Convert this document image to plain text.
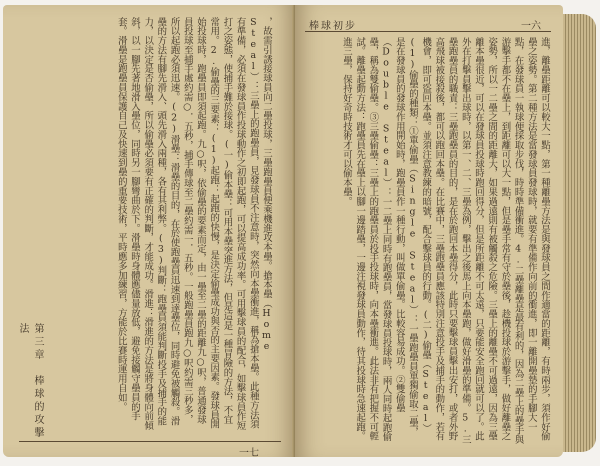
第三章　棒球的攻擊法	，故需引誘接球員向二壘投球，三壘跑壘員便乘機進攻本壘。搶本壘（Home Steal）：三壘上的跑壘員，見發球員不注意時，突然向本壘衝進，稱為搶本壘。此種方法須有準備，必須在發球員作投球動作之初即起跑，可以提高成功率。可用擊球員的配合，如擊球員作短打之姿態，使捕手難於接球。(一)偷本壘：可用本壘突進方法，但是這是一種冒險的方法，不宜常用。2.偷壘的三要素：(1)起跑：起跑的快慢，是決定偷壘成功與否的主要因素。發球員開始投球時，跑壘員即須起跑。九○呎，依偷壘的要素而定，由一壘至二壘的距離九○呎，普通發球員投球至捕手處約需○．五秒，捕手傳球至二壘約需一．五秒。一般跑壘員跑九○呎約需三秒多，所以起跑必須迅速。(2)滑壘：滑壘的目的，在於使跑壘員迅速到達壘位，同時避免被觸殺。滑壘的方法有腳先滑入、頭先滑入兩種，各有其利弊。(3)判斷：跑壘員須能判斷投手及捕手的能力，以決定是否偷壘，所以偷壘必須要有正確的判斷，才能成功。滑進：滑進的方法是將身體向前傾斜，以一腳先著地滑入壘位，同時另一腳彎曲於下。滑壘時身體應儘量放低，避免接觸守壘員的手套。滑壘是跑壘員保護自己及快速到壘的重要技術，平時應多加練習，方能於比賽時運用自如。
一七
棒球初步	一六
進，離壘距離可以較大一點，第一種離壘方法是與發球員之間作適當的距離，有時兩步，須作好偷壘之姿勢。第二種方法是當發球員發球時，就要有準備作向前的衝進，即一離開壘墊的手腳大一點，在發球員一執球便採取步伐，時時準備衝進。4.二壘離壘是最有利的，因為二壘上的壘手與游擊手都不在壘上，到距離可以大一點，但是壘手常有守於壘後，趁機投球於游擊手，做好離壘之姿勢，所以一二壘之間的距離大，如果過遠則有被觸殺之危險。三壘上的離壘不可過遠，因為三壘離本壘很近，可以在發球員投球時跑回得分，但是所距離不可太遠，只要能安全跑回就可以了。此外在打擊員擊出球時，以第一、二、三壘為例，擊出之後馬上向本壘跑，做好滑壘的準備。5.三壘跑壘員的職責：三壘跑壘員的目的，是在於跑回本壘得分，此時只要擊球員擊出安打，或者外野高飛球被接殺後，都可以跑回本壘。在比賽中，三壘跑壘員應該特別注意投手及捕手的動作，若有機會，即可盜回本壘。並須注意教練的暗號，配合擊球員的行動。(二)偷壘（Steal）(1)偷壘的種類：①單偷壘（Single Steal）：一壘跑壘員單獨偷取二壘，是在發球員的發球作用開始時，跑壘員作一種行動，叫做單偷壘。比較容易成功。②雙偷壘（Double Steal）：一二壘上同時有跑壘員，當發球員投球時，兩人同時起跑偷壘，稱為雙偷壘。③三壘偷壘：三壘上的跑壘員於投手投球時，向本壘衝進。此法非有把握不可輕試。離壘起動方法：跑壘員先在壘上以腳一邊踏壘，一邊注視發球員動作，待其投球時急速起跑。進三壘，保持好奇時技術才可以偷本壘。
